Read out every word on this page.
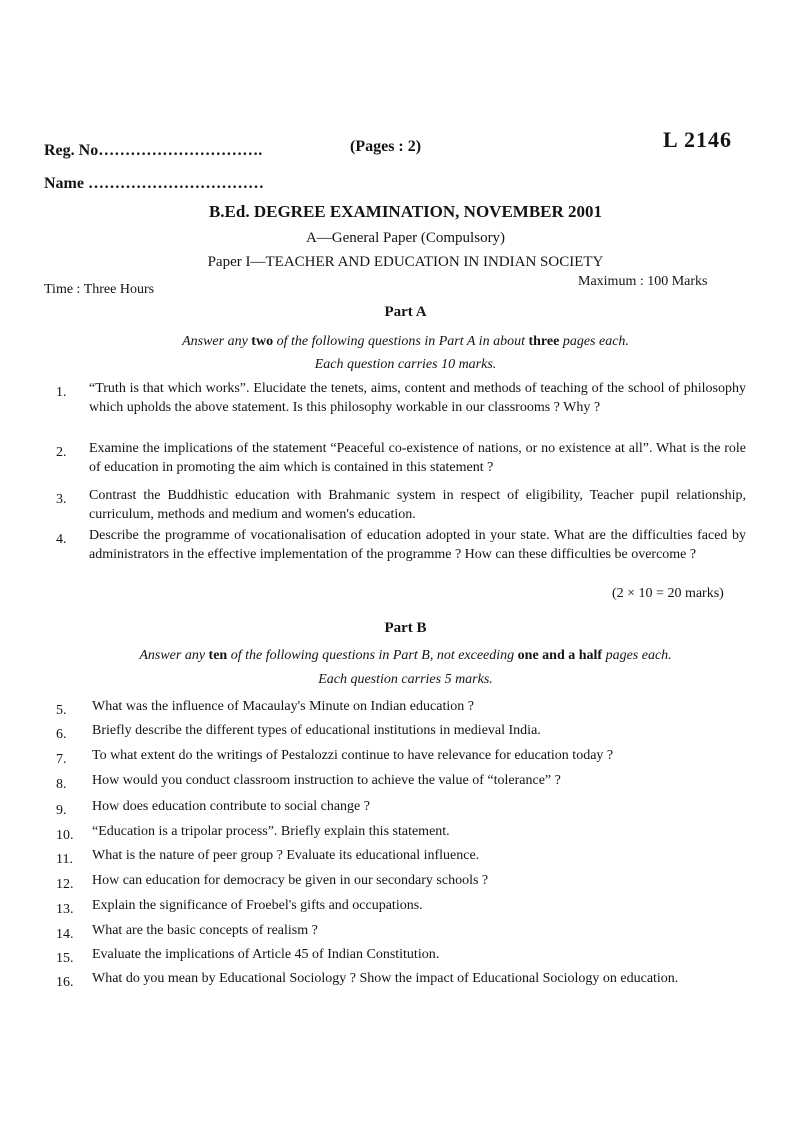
Reg. No………………………….
Name ……………………………
(Pages : 2)	L 2146
B.Ed. DEGREE EXAMINATION, NOVEMBER 2001
A—General Paper (Compulsory)
Paper I—TEACHER AND EDUCATION IN INDIAN SOCIETY
Time : Three Hours
Maximum : 100 Marks
Part A
Answer any two of the following questions in Part A in about three pages each.
Each question carries 10 marks.
1.	“Truth is that which works”. Elucidate the tenets, aims, content and methods of teaching of the school of philosophy which upholds the above statement. Is this philosophy workable in our classrooms ? Why ?
2.	Examine the implications of the statement “Peaceful co-existence of nations, or no existence at all”. What is the role of education in promoting the aim which is contained in this statement ?
3.	Contrast the Buddhistic education with Brahmanic system in respect of eligibility, Teacher pupil relationship, curriculum, methods and medium and women's education.
4.	Describe the programme of vocationalisation of education adopted in your state. What are the difficulties faced by administrators in the effective implementation of the programme ? How can these difficulties be overcome ?
(2 × 10 = 20 marks)
Part B
Answer any ten of the following questions in Part B, not exceeding one and a half pages each.
Each question carries 5 marks.
5.	What was the influence of Macaulay's Minute on Indian education ?
6.	Briefly describe the different types of educational institutions in medieval India.
7.	To what extent do the writings of Pestalozzi continue to have relevance for education today ?
8.	How would you conduct classroom instruction to achieve the value of “tolerance” ?
9.	How does education contribute to social change ?
10.	“Education is a tripolar process”. Briefly explain this statement.
11.	What is the nature of peer group ? Evaluate its educational influence.
12.	How can education for democracy be given in our secondary schools ?
13.	Explain the significance of Froebel's gifts and occupations.
14.	What are the basic concepts of realism ?
15.	Evaluate the implications of Article 45 of Indian Constitution.
16.	What do you mean by Educational Sociology ? Show the impact of Educational Sociology on education.
